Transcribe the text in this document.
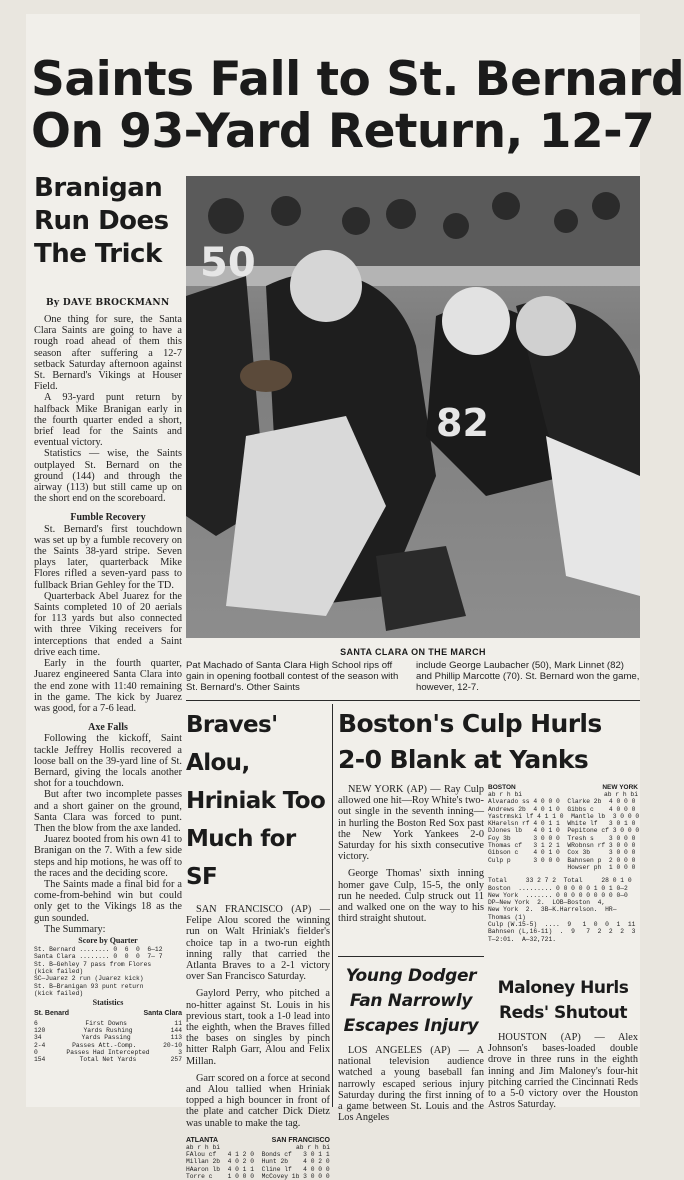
Saints Fall to St. Bernard
On 93-Yard Return, 12-7
Branigan
Run Does
The Trick
By DAVE BROCKMANN

One thing for sure, the Santa Clara Saints are going to have a rough road ahead of them this season after suffering a 12-7 setback Saturday afternoon against St. Bernard's Vikings at Houser Field.

A 93-yard punt return by halfback Mike Branigan early in the fourth quarter ended a short, brief lead for the Saints and eventual victory.

Statistics — wise, the Saints outplayed St. Bernard on the ground (144) and through the airway (113) but still came up on the short end on the scoreboard.

Fumble Recovery

St. Bernard's first touchdown was set up by a fumble recovery on the Saints 38-yard stripe. Seven plays later, quarterback Mike Flores rifled a seven-yard pass to fullback Brian Gehley for the TD.

Quarterback Abel Juarez for the Saints completed 10 of 20 aerials for 113 yards but also connected with three Viking receivers for interceptions that ended a Saint drive each time.

Early in the fourth quarter, Juarez engineered Santa Clara into the end zone with 11:40 remaining in the game. The kick by Juarez was good, for a 7-6 lead.

Axe Falls

Following the kickoff, Saint tackle Jeffrey Hollis recovered a loose ball on the 39-yard line of St. Bernard, giving the locals another shot for a touchdown.

But after two incomplete passes and a short gainer on the ground, Santa Clara was forced to punt. Then the blow from the axe landed.

Juarez booted from his own 41 to Branigan on the 7. With a few side steps and hip motions, he was off to the races and the deciding score.

The Saints made a final bid for a come-from-behind win but could only get to the Vikings 18 as the gun sounded.

The Summary:

Score by Quarter
St. Bernard ........ 0  6  0  6—12
Santa Clara ........ 0  0  0  7— 7
St. B—Gehley 7 pass from Flores
(kick failed)
SC—Juarez 2 run (Juarez kick)
St. B—Branigan 93 punt return
(kick failed)
Statistics
St. Benard	Santa Clara
6	First Downs	11
120	Yards Rushing	144
34	Yards Passing	113
2-4	Passes Att.-Comp.	20-10
0	Passes Had Intercepted	3
154	Total Net Yards	257
50
82
SANTA CLARA ON THE MARCH
Pat Machado of Santa Clara High School rips off gain in opening football contest of the season with St. Bernard's. Other Saints
include George Laubacher (50), Mark Linnet (82) and Phillip Marcotte (70). St. Bernard won the game, however, 12-7.
Braves' Alou,
Hriniak Too
Much for SF

SAN FRANCISCO (AP) — Felipe Alou scored the winning run on Walt Hriniak's fielder's choice tap in a two-run eighth inning rally that carried the Atlanta Braves to a 2-1 victory over San Francisco Saturday.

Gaylord Perry, who pitched a no-hitter against St. Louis in his previous start, took a 1-0 lead into the eighth, when the Braves filled the bases on singles by pinch hitter Ralph Garr, Alou and Felix Millan.

Garr scored on a force at second and Alou tallied when Hriniak topped a high bouncer in front of the plate and catcher Dick Dietz was unable to make the tag.

ATLANTA	SAN FRANCISCO
ab r h bi	ab r h bi
FAlou cf   4 1 2 0  Bonds cf   3 0 1 1
Millan 2b  4 0 2 0  Hunt 2b    4 0 2 0
HAaron lb  4 0 1 1  Cline lf   4 0 0 0
Torre c    1 0 0 0  McCovey 1b 3 0 0 0
Boston's Culp Hurls
2-0 Blank at Yanks

NEW YORK (AP) — Ray Culp allowed one hit—Roy White's two-out single in the seventh inning—in hurling the Boston Red Sox past the New York Yankees 2-0 Saturday for his sixth consecutive victory.

George Thomas' sixth inning homer gave Culp, 15-5, the only run he needed. Culp struck out 11 and walked one on the way to his third straight shutout.

BOSTON	NEW YORK
ab r h bi	ab r h bi
Alvarado ss 4 0 0 0  Clarke 2b  4 0 0 0
Andrews 2b  4 0 1 0  Gibbs c    4 0 0 0
Yastrmski lf 4 1 1 0  Mantle lb  3 0 0 0
KHarelsn rf 4 0 1 1  White lf   3 0 1 0
DJones lb   4 0 1 0  Pepitone cf 3 0 0 0
Foy 3b      3 0 0 0  Tresh s    3 0 0 0
Thomas cf   3 1 2 1  WRobnsn rf 3 0 0 0
Gibson c    4 0 1 0  Cox 3b     3 0 0 0
Culp p      3 0 0 0  Bahnsen p  2 0 0 0
Howser ph  1 0 0 0
Total     33 2 7 2  Total     28 0 1 0
Boston  ......... 0 0 0 0 0 1 0 1 0—2
New York  ....... 0 0 0 0 0 0 0 0 0—0
DP—New York  2.  LOB—Boston  4,
New York  2.  3B—K.Harrelson.  HR—
Thomas (1)
Culp (W.15-5)  ....  9   1  0  0  1  11
Bahnsen (L,16-11)  .  9   7  2  2  2  3
T—2:01.  A—32,721.
Young Dodger
Fan Narrowly
Escapes Injury

LOS ANGELES (AP) — A national television audience watched a young baseball fan narrowly escaped serious injury Saturday during the first inning of a game between St. Louis and the Los Angeles

Maloney Hurls
Reds' Shutout

HOUSTON (AP) — Alex Johnson's bases-loaded double drove in three runs in the eighth inning and Jim Maloney's four-hit pitching carried the Cincinnati Reds to a 5-0 victory over the Houston Astros Saturday.
